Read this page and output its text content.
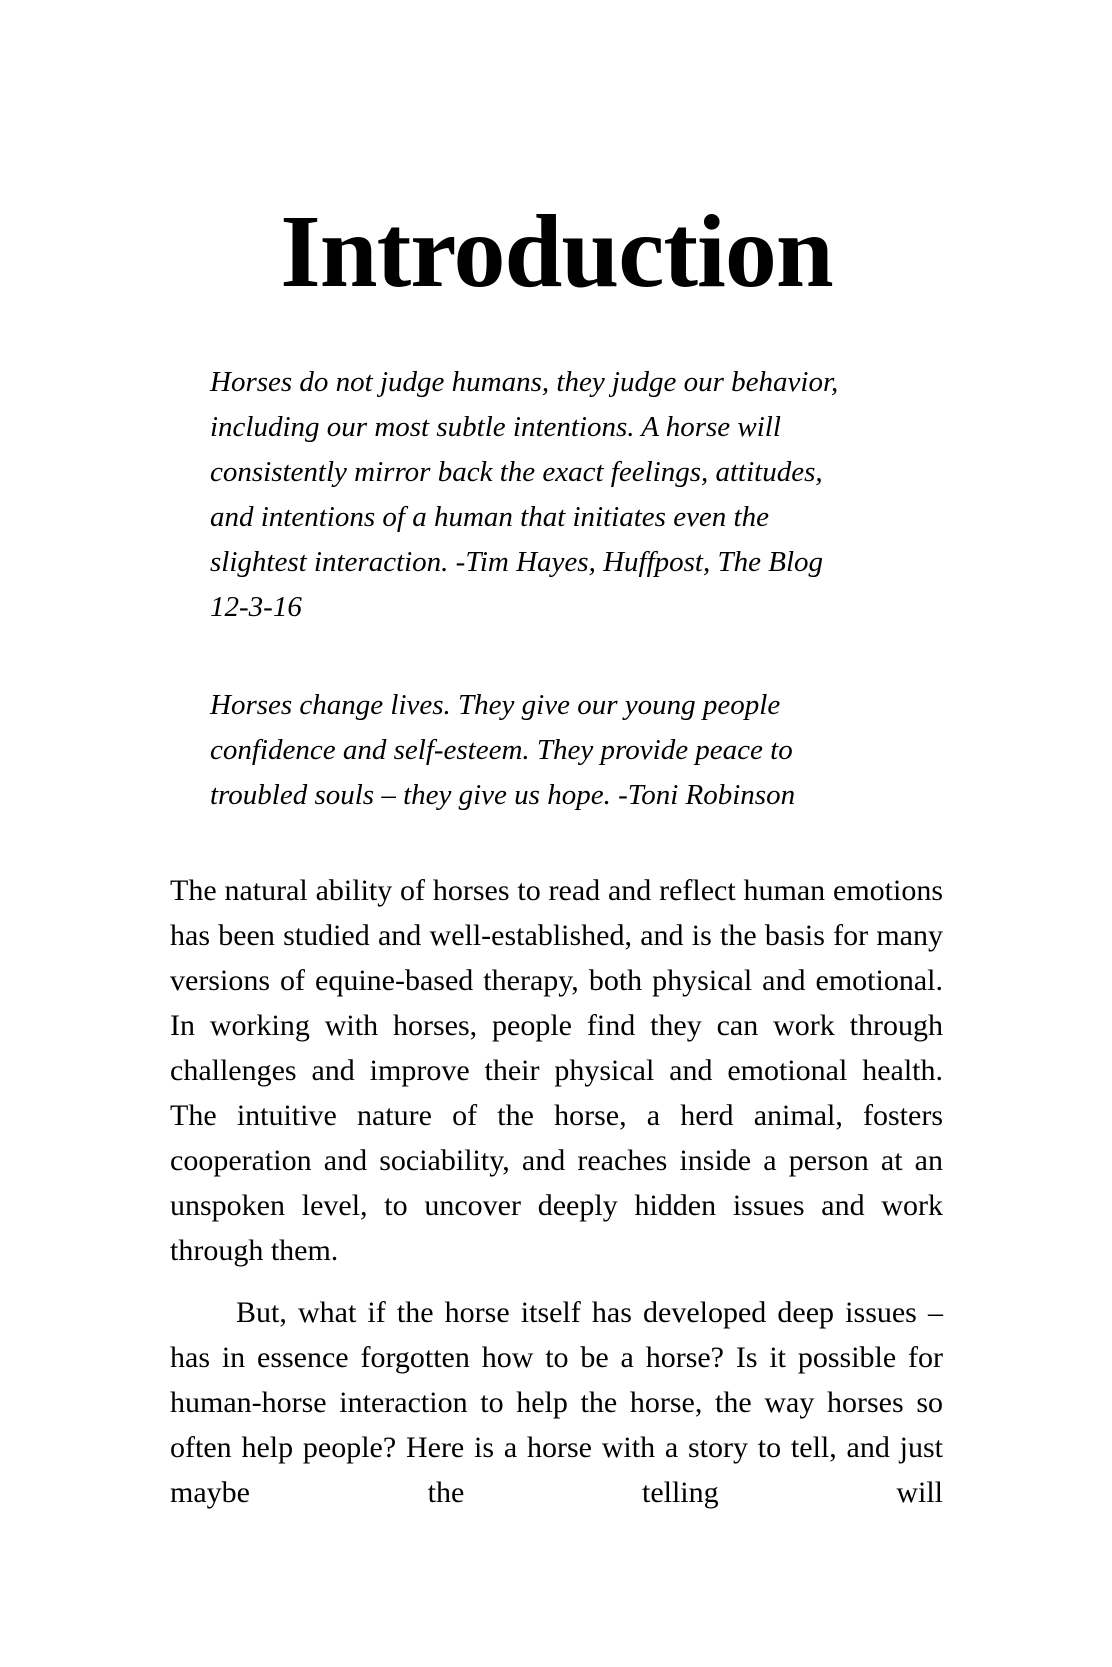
Introduction
Horses do not judge humans, they judge our behavior, including our most subtle intentions. A horse will consistently mirror back the exact feelings, attitudes, and intentions of a human that initiates even the slightest interaction. -Tim Hayes, Huffpost, The Blog 12-3-16
Horses change lives. They give our young people confidence and self-esteem. They provide peace to troubled souls – they give us hope. -Toni Robinson

The natural ability of horses to read and reflect human emotions has been studied and well-established, and is the basis for many versions of equine-based therapy, both physical and emotional. In working with horses, people find they can work through challenges and improve their physical and emotional health. The intuitive nature of the horse, a herd animal, fosters cooperation and sociability, and reaches inside a person at an unspoken level, to uncover deeply hidden issues and work through them.

But, what if the horse itself has developed deep issues – has in essence forgotten how to be a horse? Is it possible for human-horse interaction to help the horse, the way horses so often help people? Here is a horse with a story to tell, and just maybe the telling will
